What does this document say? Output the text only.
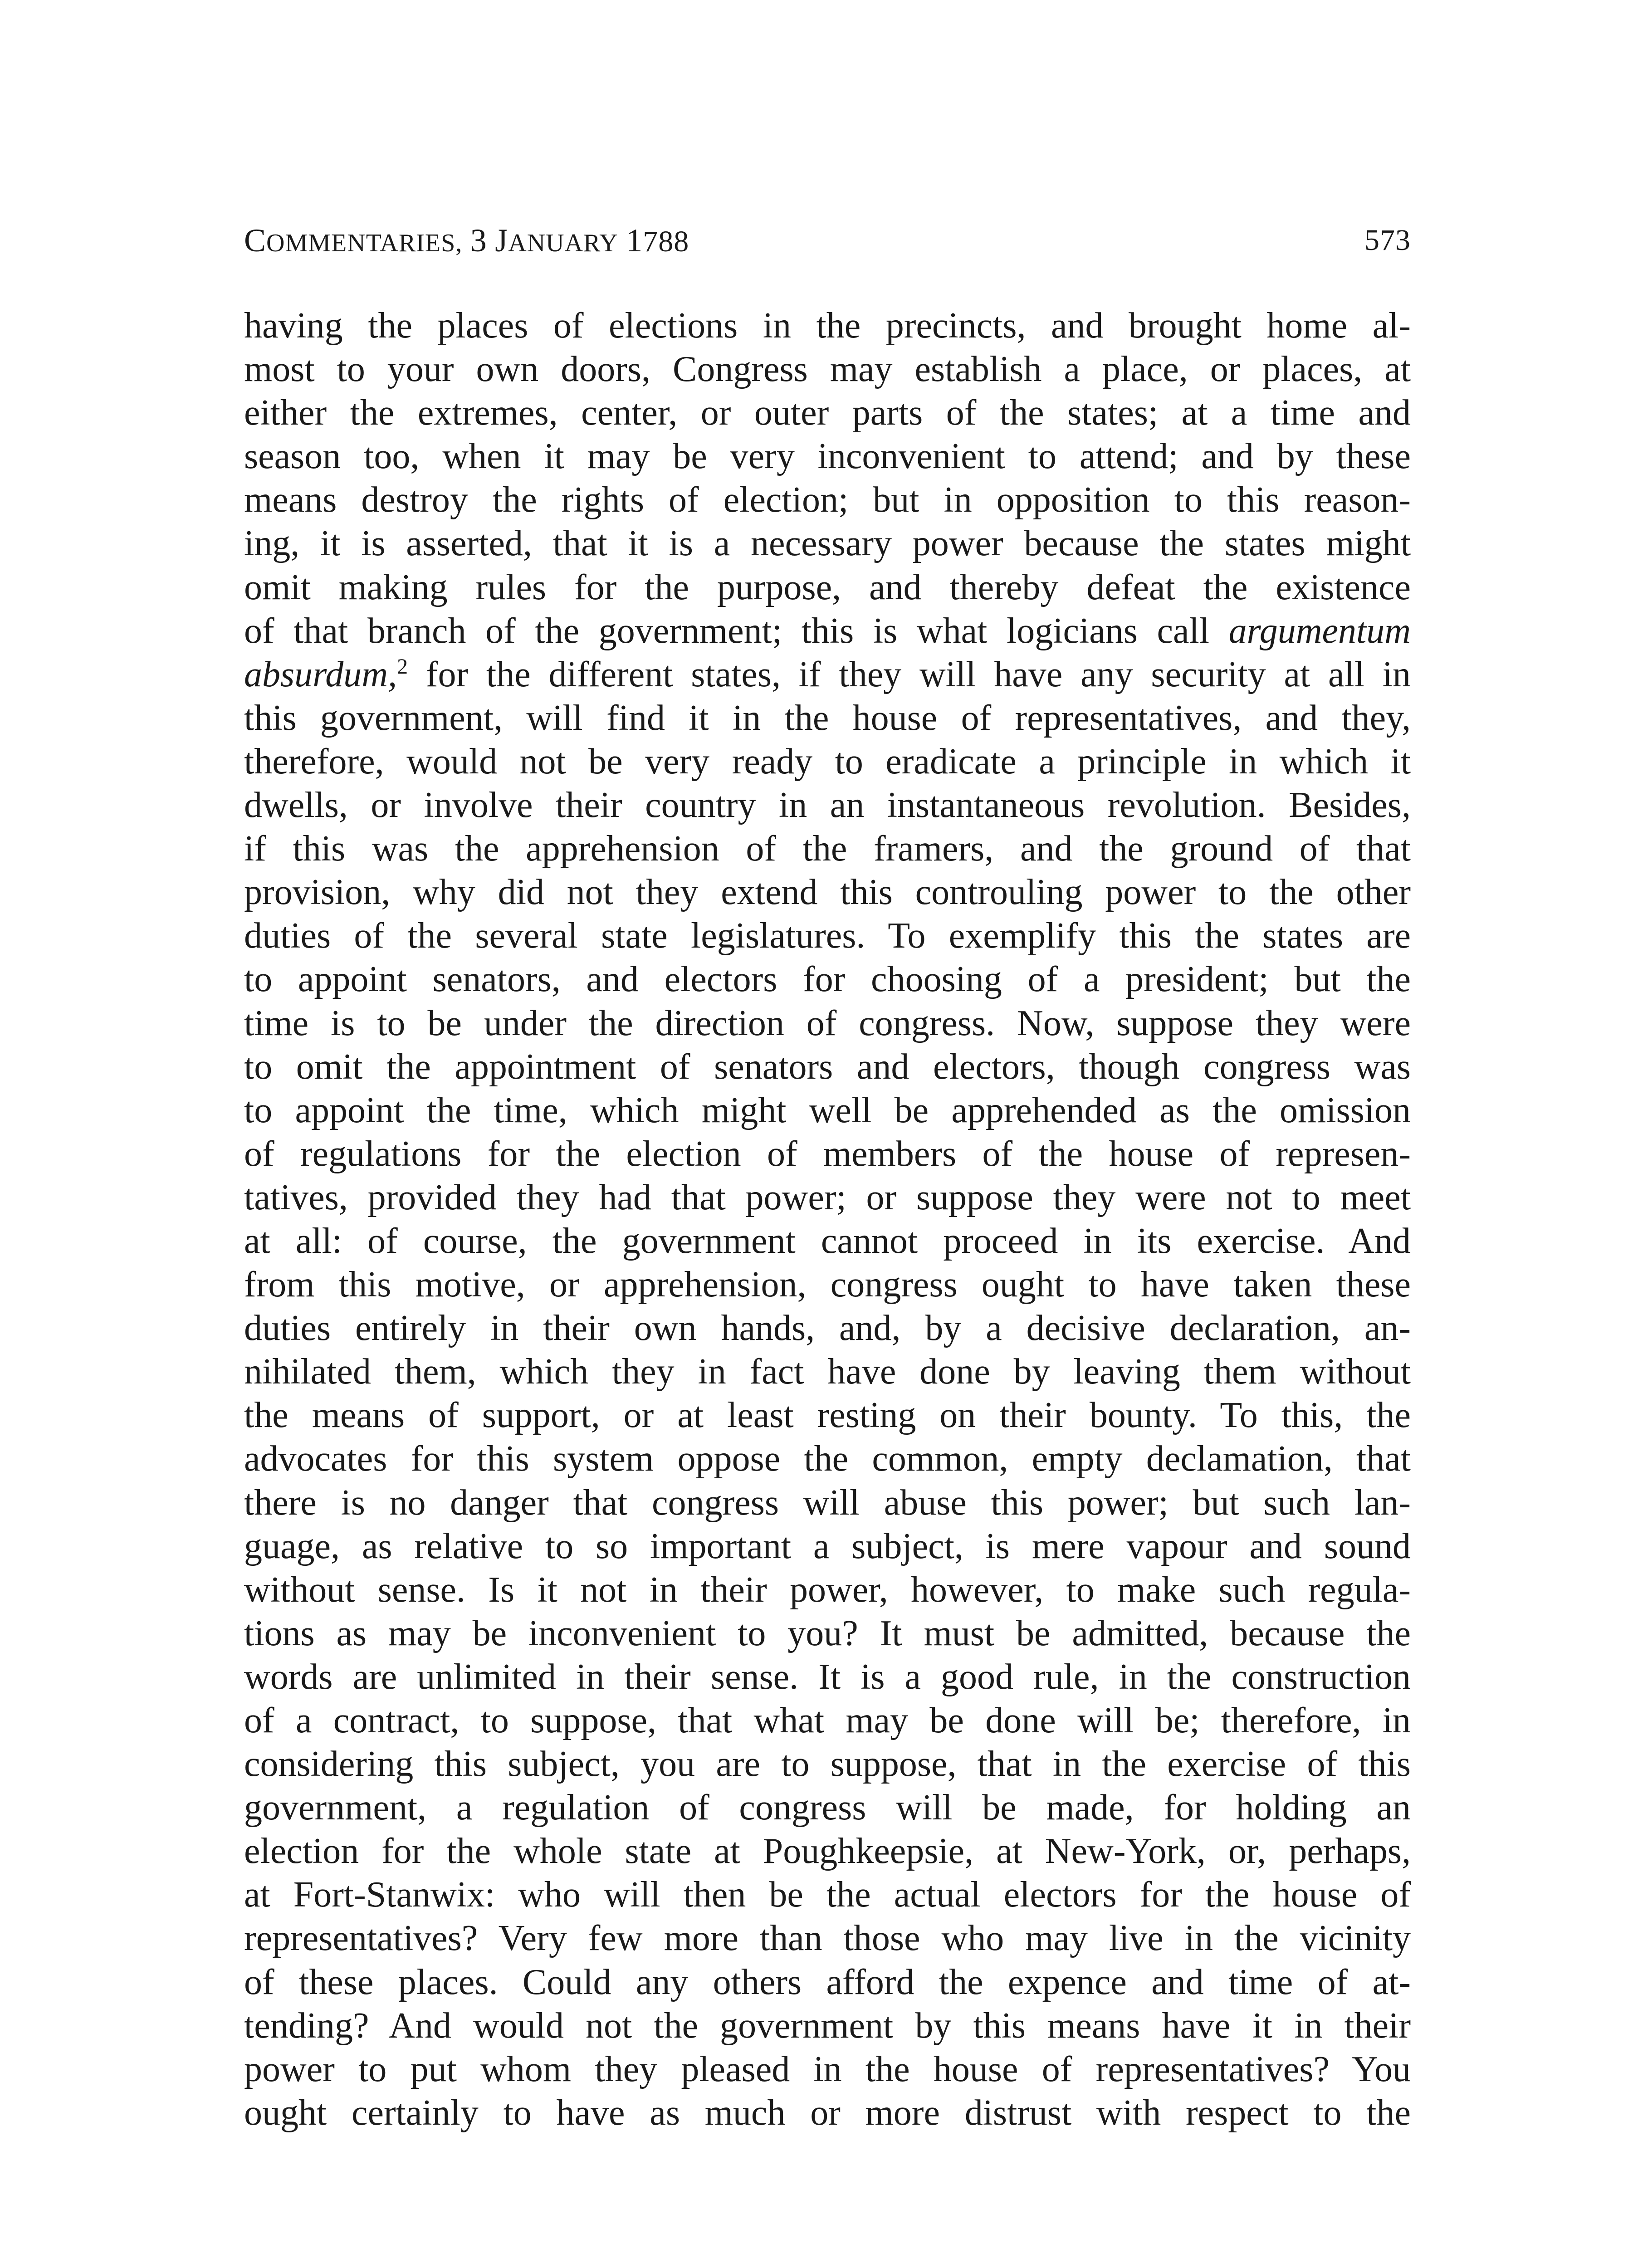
COMMENTARIES, 3 JANUARY 1788	573
having the places of elections in the precincts, and brought home al-
most to your own doors, Congress may establish a place, or places, at
either the extremes, center, or outer parts of the states; at a time and
season too, when it may be very inconvenient to attend; and by these
means destroy the rights of election; but in opposition to this reason-
ing, it is asserted, that it is a necessary power because the states might
omit making rules for the purpose, and thereby defeat the existence
of that branch of the government; this is what logicians call argumentum
absurdum,$^2$ for the different states, if they will have any security at all in
this government, will find it in the house of representatives, and they,
therefore, would not be very ready to eradicate a principle in which it
dwells, or involve their country in an instantaneous revolution. Besides,
if this was the apprehension of the framers, and the ground of that
provision, why did not they extend this controuling power to the other
duties of the several state legislatures. To exemplify this the states are
to appoint senators, and electors for choosing of a president; but the
time is to be under the direction of congress. Now, suppose they were
to omit the appointment of senators and electors, though congress was
to appoint the time, which might well be apprehended as the omission
of regulations for the election of members of the house of represen-
tatives, provided they had that power; or suppose they were not to meet
at all: of course, the government cannot proceed in its exercise. And
from this motive, or apprehension, congress ought to have taken these
duties entirely in their own hands, and, by a decisive declaration, an-
nihilated them, which they in fact have done by leaving them without
the means of support, or at least resting on their bounty. To this, the
advocates for this system oppose the common, empty declamation, that
there is no danger that congress will abuse this power; but such lan-
guage, as relative to so important a subject, is mere vapour and sound
without sense. Is it not in their power, however, to make such regula-
tions as may be inconvenient to you? It must be admitted, because the
words are unlimited in their sense. It is a good rule, in the construction
of a contract, to suppose, that what may be done will be; therefore, in
considering this subject, you are to suppose, that in the exercise of this
government, a regulation of congress will be made, for holding an
election for the whole state at Poughkeepsie, at New-York, or, perhaps,
at Fort-Stanwix: who will then be the actual electors for the house of
representatives? Very few more than those who may live in the vicinity
of these places. Could any others afford the expence and time of at-
tending? And would not the government by this means have it in their
power to put whom they pleased in the house of representatives? You
ought certainly to have as much or more distrust with respect to the
